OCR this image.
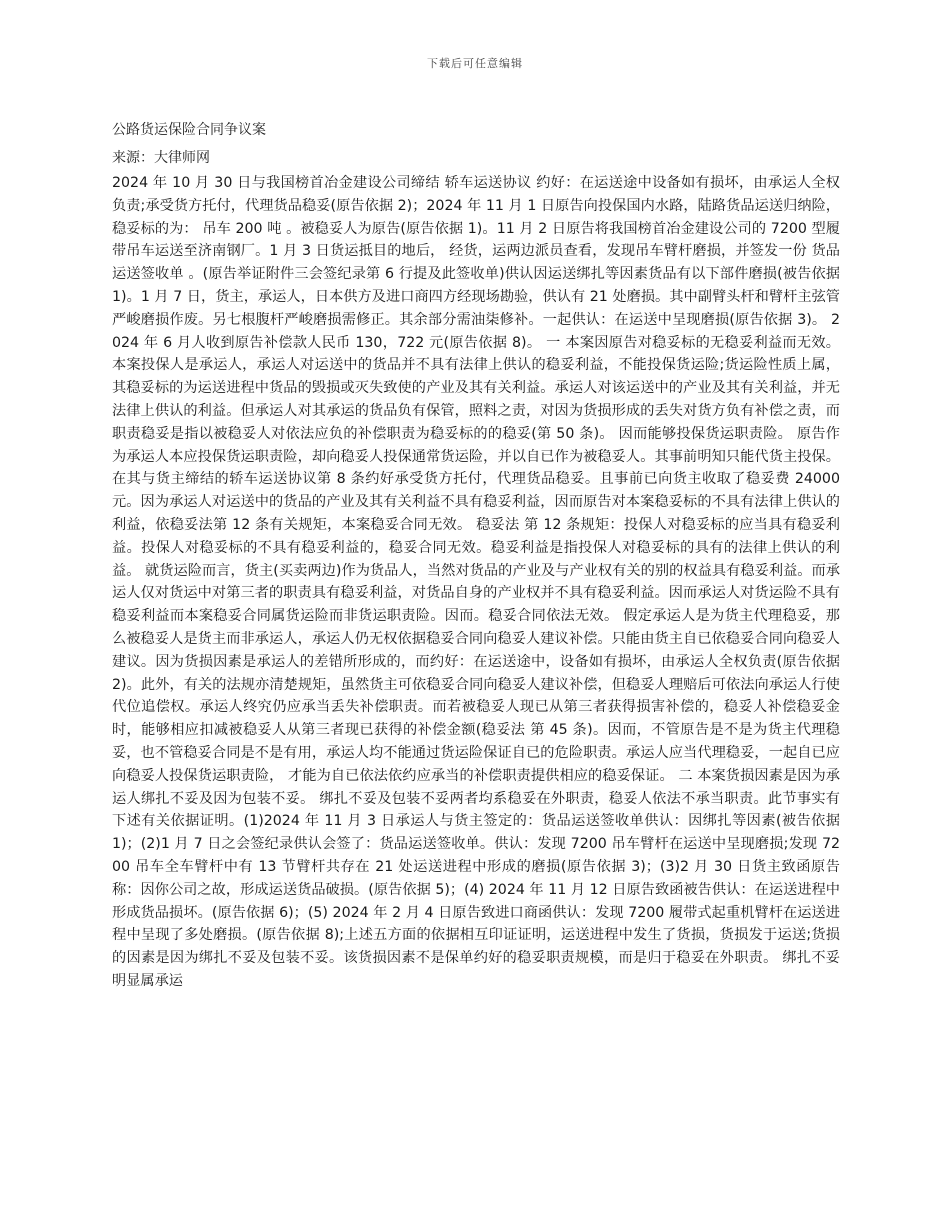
下载后可任意编辑
公路货运保险合同争议案
来源：大律师网

2024 年 10 月 30 日与我国榜首冶金建设公司缔结 轿车运送协议 约好：在运送途中设备如有损坏，由承运人全权负责;承受货方托付，代理货品稳妥(原告依据 2)；2024 年 11 月 1 日原告向投保国内水路，陆路货品运送归纳险，稳妥标的为： 吊车 200 吨 。被稳妥人为原告(原告依据 1)。11 月 2 日原告将我国榜首冶金建设公司的 7200 型履带吊车运送至济南钢厂。1 月 3 日货运抵目的地后， 经货，运两边派员查看，发现吊车臂杆磨损，并签发一份 货品运送签收单 。(原告举证附件三会签纪录第 6 行提及此签收单)供认因运送绑扎等因素货品有以下部件磨损(被告依据 1)。1 月 7 日，货主，承运人，日本供方及进口商四方经现场勘验，供认有 21 处磨损。其中副臂头杆和臂杆主弦管严峻磨损作废。另七根腹杆严峻磨损需修正。其余部分需油柒修补。一起供认：在运送中呈现磨损(原告依据 3)。 2024 年 6 月人收到原告补偿款人民币 130，722 元(原告依据 8)。 一 本案因原告对稳妥标的无稳妥利益而无效。 本案投保人是承运人，承运人对运送中的货品并不具有法律上供认的稳妥利益，不能投保货运险;货运险性质上属，其稳妥标的为运送进程中货品的毁损或灭失致使的产业及其有关利益。承运人对该运送中的产业及其有关利益，并无法律上供认的利益。但承运人对其承运的货品负有保管，照料之责，对因为货损形成的丢失对货方负有补偿之责，而职责稳妥是指以被稳妥人对依法应负的补偿职责为稳妥标的的稳妥(第 50 条)。 因而能够投保货运职责险。 原告作为承运人本应投保货运职责险，却向稳妥人投保通常货运险，并以自已作为被稳妥人。其事前明知只能代货主投保。在其与货主缔结的轿车运送协议第 8 条约好承受货方托付，代理货品稳妥。且事前已向货主收取了稳妥费 24000 元。因为承运人对运送中的货品的产业及其有关利益不具有稳妥利益，因而原告对本案稳妥标的不具有法律上供认的利益，依稳妥法第 12 条有关规矩，本案稳妥合同无效。 稳妥法 第 12 条规矩：投保人对稳妥标的应当具有稳妥利益。投保人对稳妥标的不具有稳妥利益的，稳妥合同无效。稳妥利益是指投保人对稳妥标的具有的法律上供认的利益。 就货运险而言，货主(买卖两边)作为货品人，当然对货品的产业及与产业权有关的别的权益具有稳妥利益。而承运人仅对货运中对第三者的职责具有稳妥利益，对货品自身的产业权并不具有稳妥利益。因而承运人对货运险不具有稳妥利益而本案稳妥合同属货运险而非货运职责险。因而。稳妥合同依法无效。 假定承运人是为货主代理稳妥，那么被稳妥人是货主而非承运人，承运人仍无权依据稳妥合同向稳妥人建议补偿。只能由货主自已依稳妥合同向稳妥人建议。因为货损因素是承运人的差错所形成的，而约好：在运送途中，设备如有损坏，由承运人全权负责(原告依据 2)。此外，有关的法规亦清楚规矩，虽然货主可依稳妥合同向稳妥人建议补偿，但稳妥人理赔后可依法向承运人行使代位追偿权。承运人终究仍应承当丢失补偿职责。而若被稳妥人现已从第三者获得损害补偿的，稳妥人补偿稳妥金时，能够相应扣减被稳妥人从第三者现已获得的补偿金额(稳妥法 第 45 条)。因而，不管原告是不是为货主代理稳妥，也不管稳妥合同是不是有用，承运人均不能通过货运险保证自已的危险职责。承运人应当代理稳妥，一起自已应向稳妥人投保货运职责险， 才能为自已依法依约应承当的补偿职责提供相应的稳妥保证。 二 本案货损因素是因为承运人绑扎不妥及因为包装不妥。 绑扎不妥及包装不妥两者均系稳妥在外职责，稳妥人依法不承当职责。此节事实有下述有关依据证明。(1)2024 年 11 月 3 日承运人与货主签定的：货品运送签收单供认：因绑扎等因素(被告依据 1)；(2)1 月 7 日之会签纪录供认会签了：货品运送签收单。供认：发现 7200 吊车臂杆在运送中呈现磨损;发现 7200 吊车全车臂杆中有 13 节臂杆共存在 21 处运送进程中形成的磨损(原告依据 3)；(3)2 月 30 日货主致函原告称：因你公司之故，形成运送货品破损。(原告依据 5)；(4) 2024 年 11 月 12 日原告致函被告供认：在运送进程中形成货品损坏。(原告依据 6)；(5) 2024 年 2 月 4 日原告致进口商函供认：发现 7200 履带式起重机臂杆在运送进程中呈现了多处磨损。(原告依据 8);上述五方面的依据相互印证证明，运送进程中发生了货损，货损发于运送;货损的因素是因为绑扎不妥及包装不妥。该货损因素不是保单约好的稳妥职责规模，而是归于稳妥在外职责。 绑扎不妥明显属承运
